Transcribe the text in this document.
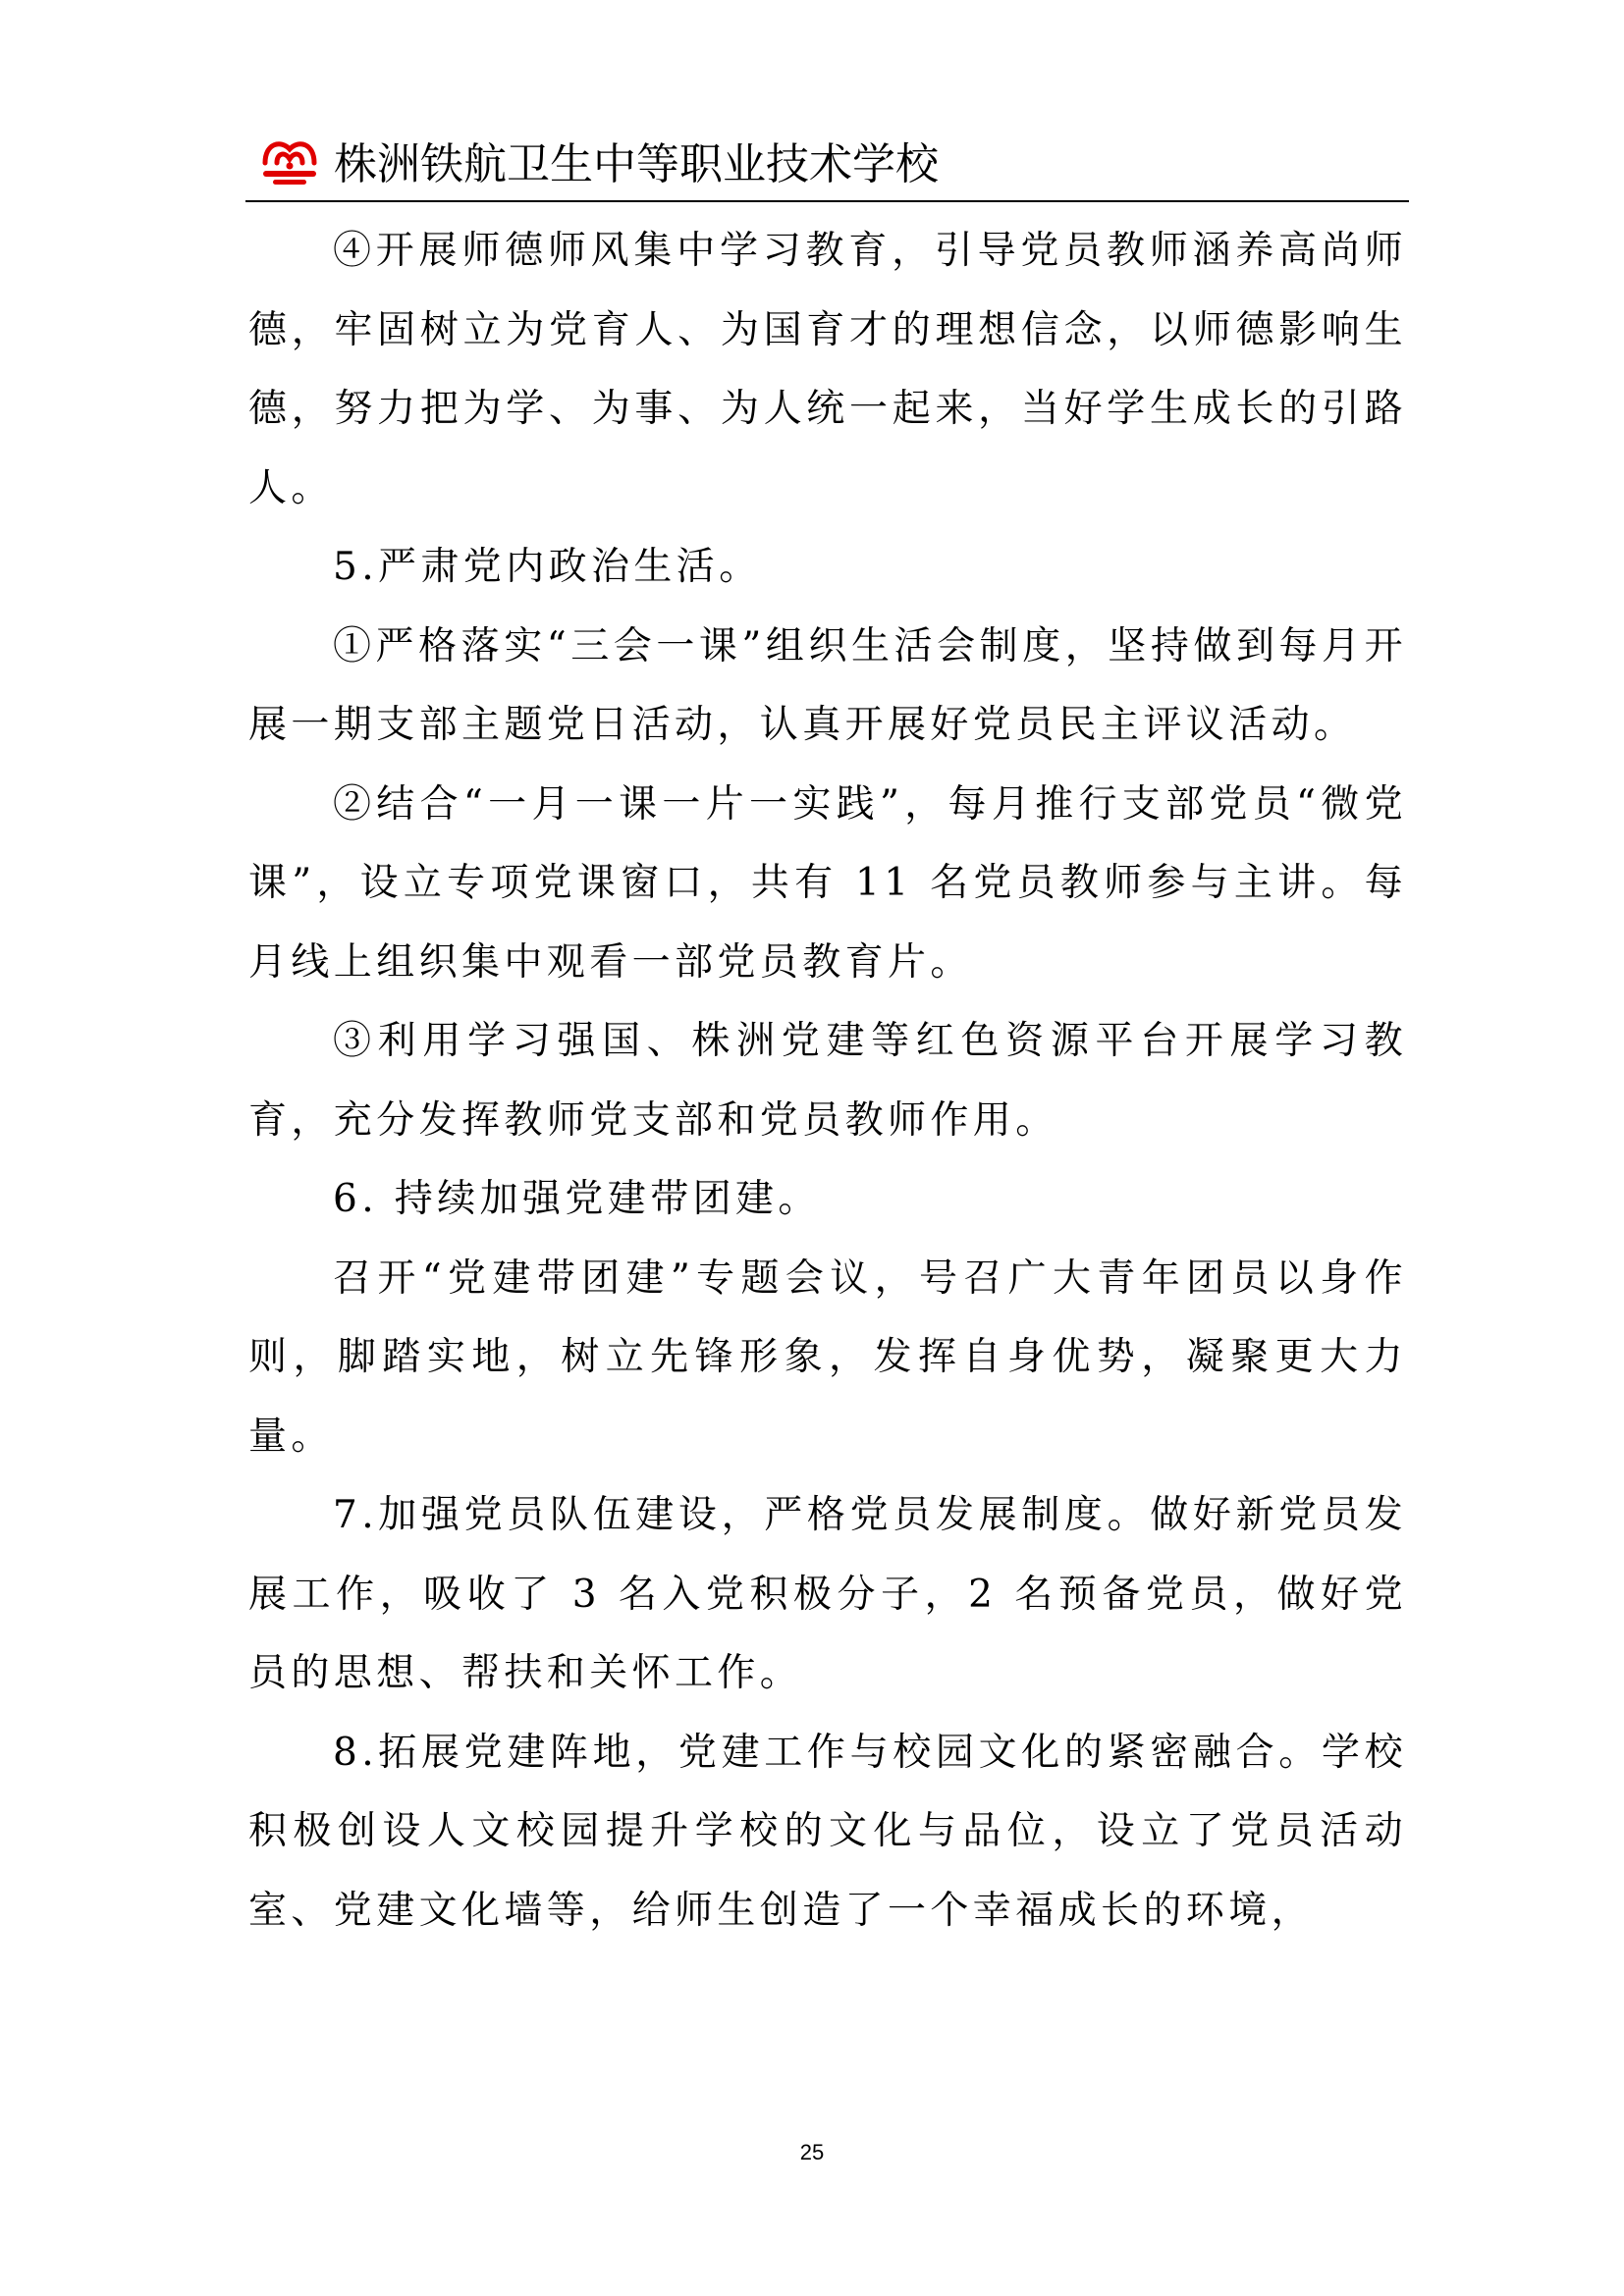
株洲铁航卫生中等职业技术学校

④开展师德师风集中学习教育，引导党员教师涵养高尚师德，牢固树立为党育人、为国育才的理想信念，以师德影响生德，努力把为学、为事、为人统一起来，当好学生成长的引路人。

5.严肃党内政治生活。

①严格落实“三会一课”组织生活会制度，坚持做到每月开展一期支部主题党日活动，认真开展好党员民主评议活动。

②结合“一月一课一片一实践”，每月推行支部党员“微党课”，设立专项党课窗口，共有 11 名党员教师参与主讲。每月线上组织集中观看一部党员教育片。

③利用学习强国、株洲党建等红色资源平台开展学习教育，充分发挥教师党支部和党员教师作用。

6. 持续加强党建带团建。

召开“党建带团建”专题会议，号召广大青年团员以身作则，脚踏实地，树立先锋形象，发挥自身优势，凝聚更大力量。

7.加强党员队伍建设，严格党员发展制度。做好新党员发展工作，吸收了 3 名入党积极分子，2 名预备党员，做好党员的思想、帮扶和关怀工作。

8.拓展党建阵地，党建工作与校园文化的紧密融合。学校积极创设人文校园提升学校的文化与品位，设立了党员活动室、党建文化墙等，给师生创造了一个幸福成长的环境，

25
